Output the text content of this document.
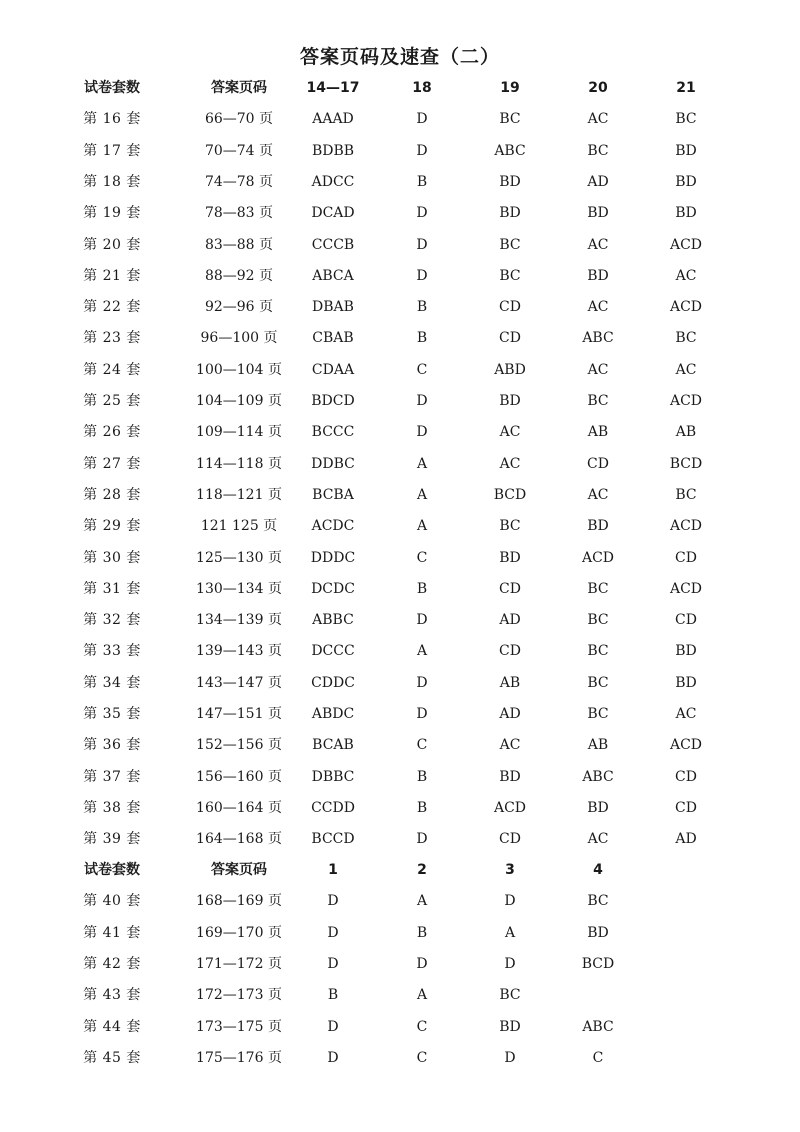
答案页码及速查（二）
试卷套数	答案页码	14—17	18	19	20	21
第 16 套	66—70 页	AAAD	D	BC	AC	BC
第 17 套	70—74 页	BDBB	D	ABC	BC	BD
第 18 套	74—78 页	ADCC	B	BD	AD	BD
第 19 套	78—83 页	DCAD	D	BD	BD	BD
第 20 套	83—88 页	CCCB	D	BC	AC	ACD
第 21 套	88—92 页	ABCA	D	BC	BD	AC
第 22 套	92—96 页	DBAB	B	CD	AC	ACD
第 23 套	96—100 页	CBAB	B	CD	ABC	BC
第 24 套	100—104 页	CDAA	C	ABD	AC	AC
第 25 套	104—109 页	BDCD	D	BD	BC	ACD
第 26 套	109—114 页	BCCC	D	AC	AB	AB
第 27 套	114—118 页	DDBC	A	AC	CD	BCD
第 28 套	118—121 页	BCBA	A	BCD	AC	BC
第 29 套	121 125 页	ACDC	A	BC	BD	ACD
第 30 套	125—130 页	DDDC	C	BD	ACD	CD
第 31 套	130—134 页	DCDC	B	CD	BC	ACD
第 32 套	134—139 页	ABBC	D	AD	BC	CD
第 33 套	139—143 页	DCCC	A	CD	BC	BD
第 34 套	143—147 页	CDDC	D	AB	BC	BD
第 35 套	147—151 页	ABDC	D	AD	BC	AC
第 36 套	152—156 页	BCAB	C	AC	AB	ACD
第 37 套	156—160 页	DBBC	B	BD	ABC	CD
第 38 套	160—164 页	CCDD	B	ACD	BD	CD
第 39 套	164—168 页	BCCD	D	CD	AC	AD
试卷套数	答案页码	1	2	3	4
第 40 套	168—169 页	D	A	D	BC
第 41 套	169—170 页	D	B	A	BD
第 42 套	171—172 页	D	D	D	BCD
第 43 套	172—173 页	B	A	BC
第 44 套	173—175 页	D	C	BD	ABC
第 45 套	175—176 页	D	C	D	C
